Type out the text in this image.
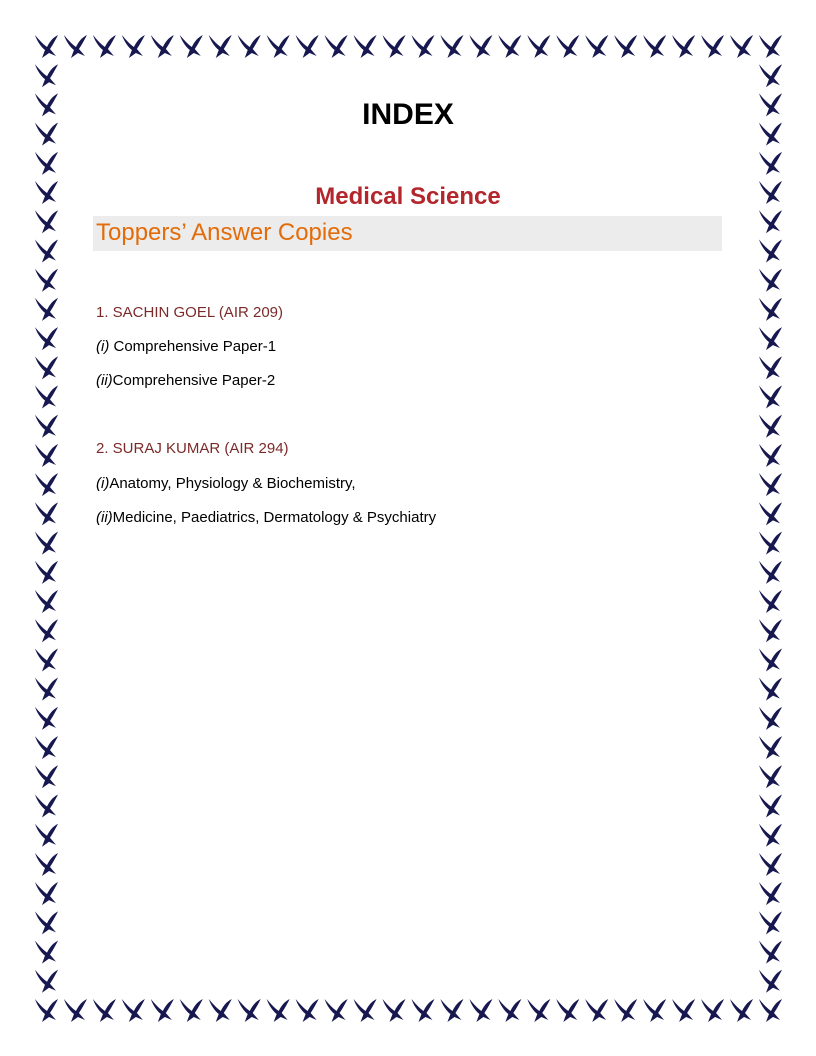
INDEX
Medical Science
Toppers’ Answer Copies
1. SACHIN GOEL (AIR 209)
(i) Comprehensive Paper-1
(ii)Comprehensive Paper-2
2. SURAJ KUMAR (AIR 294)
(i)Anatomy, Physiology & Biochemistry,
(ii)Medicine, Paediatrics, Dermatology & Psychiatry
